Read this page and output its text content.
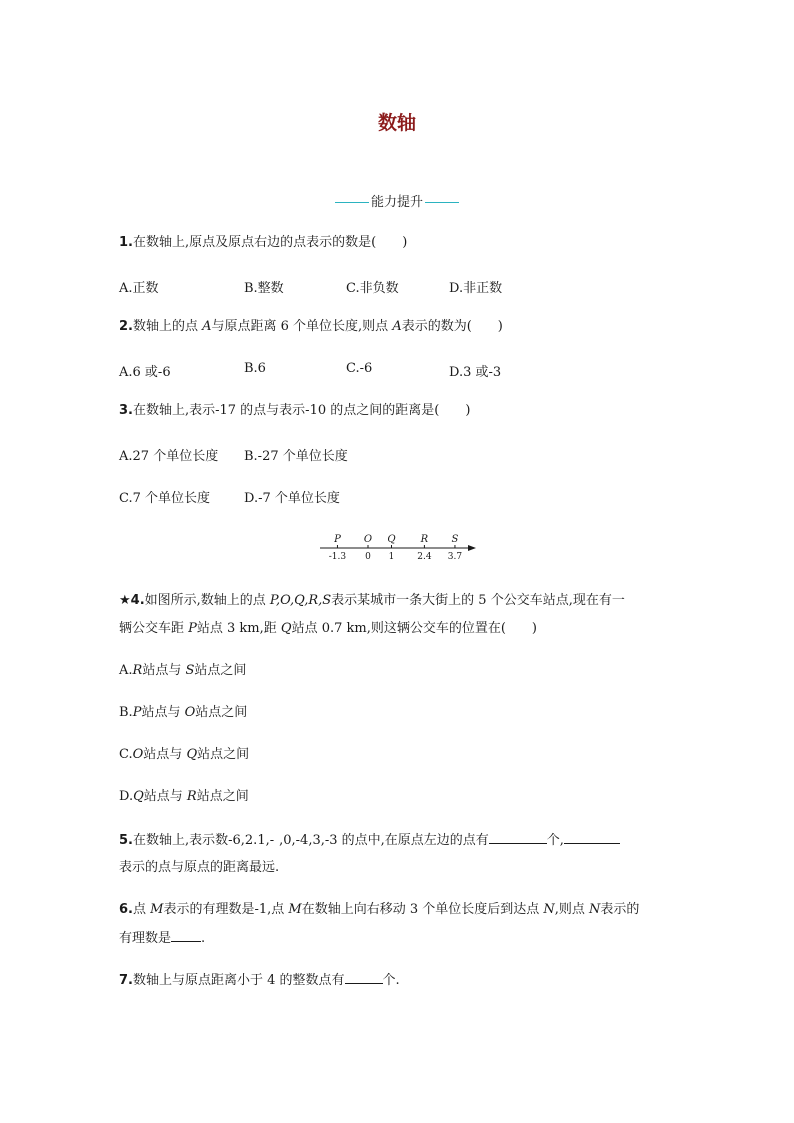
数轴
能力提升
1.在数轴上,原点及原点右边的点表示的数是(　　)
A.正数	B.整数	C.非负数	D.非正数
2.数轴上的点 A与原点距离 6 个单位长度,则点 A表示的数为(　　)
A.6 或-6	B.6	C.-6	D.3 或-3
3.在数轴上,表示-17 的点与表示-10 的点之间的距离是(　　)
A.27 个单位长度 B.-27 个单位长度
C.7 个单位长度	D.-7 个单位长度
P O Q	R S
-1.3 0 1	2.4 3.7
★4.如图所示,数轴上的点 P,O,Q,R,S表示某城市一条大街上的 5 个公交车站点,现在有一
辆公交车距 P站点 3 km,距 Q站点 0.7 km,则这辆公交车的位置在(　　)
A.R站点与 S站点之间
B.P站点与 O站点之间
C.O站点与 Q站点之间
D.Q站点与 R站点之间
5.在数轴上,表示数-6,2.1,- ,0,-4,3,-3 的点中,在原点左边的点有	个,
表示的点与原点的距离最远.
6.点 M表示的有理数是-1,点 M在数轴上向右移动 3 个单位长度后到达点 N,则点 N表示的
有理数是 .
7.数轴上与原点距离小于 4 的整数点有	个.
